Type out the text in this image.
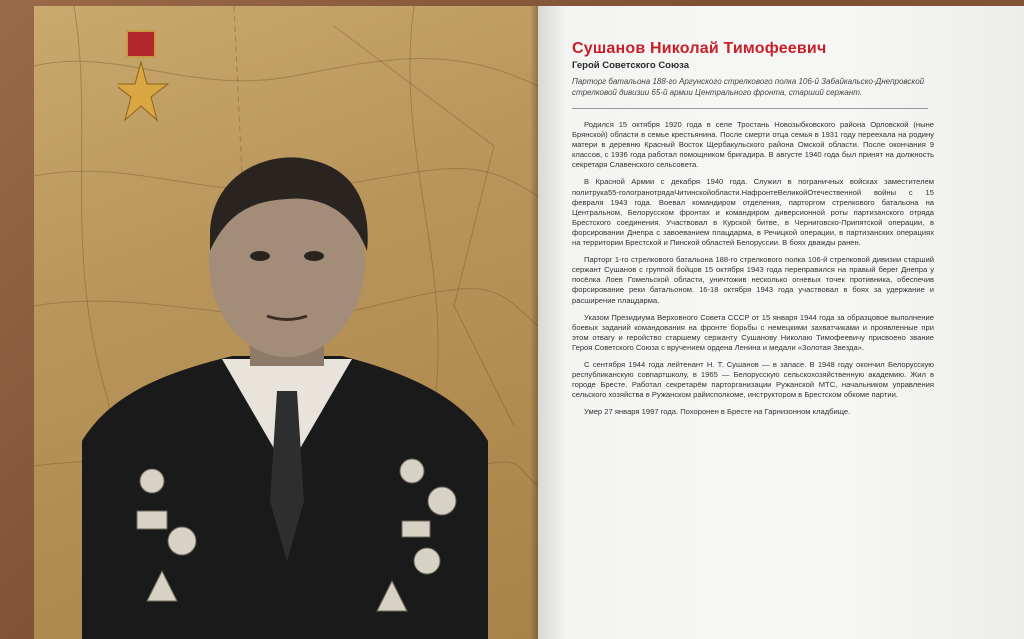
Сушанов Николай Тимофеевич
Герой Советского Союза
Парторг батальона 188-го Аргунского стрелкового полка 106-й Забайкальско-Днепровской стрелковой дивизии 65-й армии Центрального фронта, старший сержант.

Родился 15 октября 1920 года в селе Тростань Новозыбковского района Орловской (ныне Брянской) области в семье крестьянина. После смерти отца семья в 1931 году переехала на родину матери в деревню Красный Восток Щербакульского района Омской области. После окончания 9 классов, с 1936 года работал помощником бригадира. В августе 1940 года был принят на должность секретаря Славенского сельсовета.

В Красной Армии с декабря 1940 года. Служил в пограничных войсках заместителем политрука55-гологранотрядаЧитинскойобласти.НафронтеВеликойОтечественной войны с 15 февраля 1943 года. Воевал командиром отделения, парторгом стрелкового батальона на Центральном, Белорусском фронтах и командиром диверсионной роты партизанского отряда Брестского соединения. Участвовал в Курской битве, в Черниговско-Припятской операции, в форсировании Днепра с завоеванием плацдарма, в Речицкой операции, в партизанских операциях на территории Брестской и Пинской областей Белоруссии. В боях дважды ранен.

Парторг 1-го стрелкового батальона 188-го стрелкового полка 106-й стрелковой дивизии старший сержант Сушанов с группой бойцов 15 октября 1943 года переправился на правый берег Днепра у посёлка Лоев Гомельской области, уничтожив несколько огневых точек противника, обеспечив форсирование реки батальоном. 16-18 октября 1943 года участвовал в боях за удержание и расширение плацдарма.

Указом Президиума Верховного Совета СССР от 15 января 1944 года за образцовое выполнение боевых заданий командования на фронте борьбы с немецкими захватчиками и проявленные при этом отвагу и геройство старшему сержанту Сушанову Николаю Тимофеевичу присвоено звание Героя Советского Союза с вручением ордена Ленина и медали «Золотая Звезда».

С сентября 1944 года лейтенант Н. Т. Сушанов — в запасе. В 1948 году окончил Белорусскую республиканскую совпартшколу, в 1965 — Белорусскую сельскохозяйственную академию. Жил в городе Бресте. Работал секретарём парторганизации Ружанской МТС, начальником управления сельского хозяйства в Ружанском райисполкоме, инструктором в Брестском обкоме партии.

Умер 27 января 1997 года. Похоронен в Бресте на Гарнизонном кладбище.
